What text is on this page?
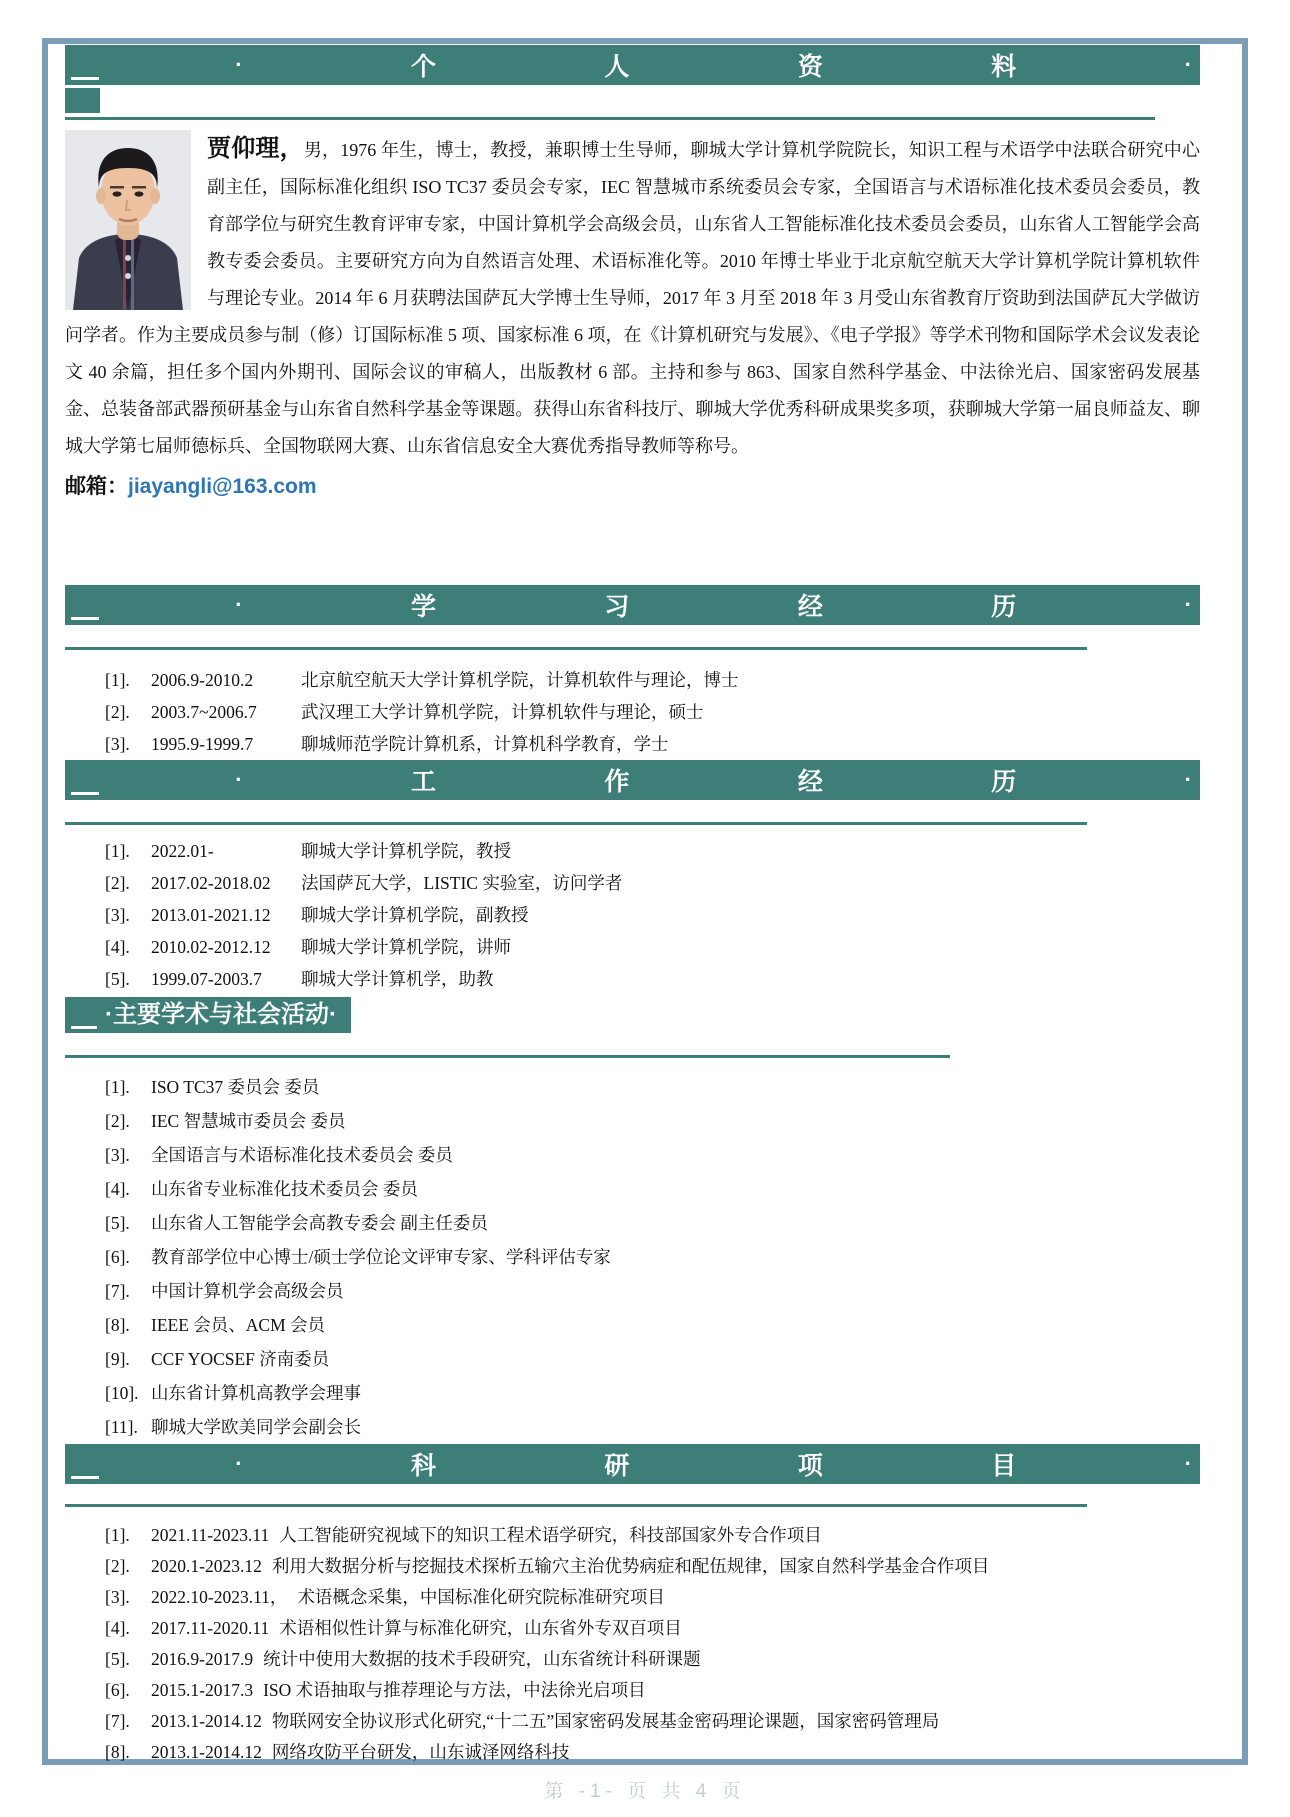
·	个	人	资	料	·

贾仰理，男，1976 年生，博士，教授，兼职博士生导师，聊城大学计算机学院院长，知识工程与术语学中法联合研究中心副主任，国际标准化组织 ISO TC37 委员会专家，IEC 智慧城市系统委员会专家，全国语言与术语标准化技术委员会委员，教育部学位与研究生教育评审专家，中国计算机学会高级会员，山东省人工智能标准化技术委员会委员，山东省人工智能学会高教专委会委员。主要研究方向为自然语言处理、术语标准化等。2010 年博士毕业于北京航空航天大学计算机学院计算机软件与理论专业。2014 年 6 月获聘法国萨瓦大学博士生导师，2017 年 3 月至 2018 年 3 月受山东省教育厅资助到法国萨瓦大学做访问学者。作为主要成员参与制（修）订国际标准 5 项、国家标准 6 项，在《计算机研究与发展》、《电子学报》等学术刊物和国际学术会议发表论文 40 余篇，担任多个国内外期刊、国际会议的审稿人，出版教材 6 部。主持和参与 863、国家自然科学基金、中法徐光启、国家密码发展基金、总装备部武器预研基金与山东省自然科学基金等课题。获得山东省科技厅、聊城大学优秀科研成果奖多项，获聊城大学第一届良师益友、聊城大学第七届师德标兵、全国物联网大赛、山东省信息安全大赛优秀指导教师等称号。

邮箱：jiayangli@163.com
·	学	习	经	历	·
[1].	2006.9-2010.2	北京航空航天大学计算机学院，计算机软件与理论，博士
[2].	2003.7~2006.7	武汉理工大学计算机学院，计算机软件与理论，硕士
[3].	1995.9-1999.7	聊城师范学院计算机系，计算机科学教育，学士
·	工	作	经	历	·
[1].	2022.01-	聊城大学计算机学院，教授
[2].	2017.02-2018.02	法国萨瓦大学，LISTIC 实验室，访问学者
[3].	2013.01-2021.12	聊城大学计算机学院，副教授
[4].	2010.02-2012.12	聊城大学计算机学院，讲师
[5].	1999.07-2003.7	聊城大学计算机学，助教
·主要学术与社会活动·
[1].	ISO TC37 委员会 委员
[2].	IEC 智慧城市委员会 委员
[3].	全国语言与术语标准化技术委员会 委员
[4].	山东省专业标准化技术委员会 委员
[5].	山东省人工智能学会高教专委会 副主任委员
[6].	教育部学位中心博士/硕士学位论文评审专家、学科评估专家
[7].	中国计算机学会高级会员
[8].	IEEE 会员、ACM 会员
[9].	CCF YOCSEF 济南委员
[10]. 山东省计算机高教学会理事
[11]. 聊城大学欧美同学会副会长
·	科	研	项	目	·
[1].	2021.11-2023.11 人工智能研究视域下的知识工程术语学研究，科技部国家外专合作项目
[2].	2020.1-2023.12 利用大数据分析与挖掘技术探析五输穴主治优势病症和配伍规律，国家自然科学基金合作项目
[3].	2022.10-2023.11， 术语概念采集，中国标准化研究院标准研究项目
[4].	2017.11-2020.11 术语相似性计算与标准化研究，山东省外专双百项目
[5].	2016.9-2017.9 统计中使用大数据的技术手段研究，山东省统计科研课题
[6].	2015.1-2017.3 ISO 术语抽取与推荐理论与方法，中法徐光启项目
[7].	2013.1-2014.12 物联网安全协议形式化研究,“十二五”国家密码发展基金密码理论课题，国家密码管理局
[8].	2013.1-2014.12 网络攻防平台研发，山东诚泽网络科技
第 -1- 页 共 4 页
